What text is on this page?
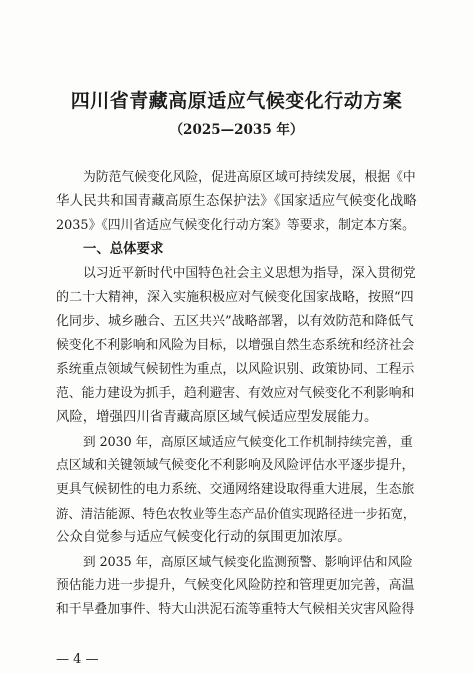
四川省青藏高原适应气候变化行动方案
（2025—2035 年）
为防范气候变化风险，促进高原区域可持续发展，根据《中
华人民共和国青藏高原生态保护法》《国家适应气候变化战略
2035》《四川省适应气候变化行动方案》等要求，制定本方案。
一、总体要求
以习近平新时代中国特色社会主义思想为指导，深入贯彻党
的二十大精神，深入实施积极应对气候变化国家战略，按照“四
化同步、城乡融合、五区共兴”战略部署，以有效防范和降低气
候变化不利影响和风险为目标，以增强自然生态系统和经济社会
系统重点领域气候韧性为重点，以风险识别、政策协同、工程示
范、能力建设为抓手，趋利避害、有效应对气候变化不利影响和
风险，增强四川省青藏高原区域气候适应型发展能力。
到 2030 年，高原区域适应气候变化工作机制持续完善，重
点区域和关键领域气候变化不利影响及风险评估水平逐步提升，
更具气候韧性的电力系统、交通网络建设取得重大进展，生态旅
游、清洁能源、特色农牧业等生态产品价值实现路径进一步拓宽，
公众自觉参与适应气候变化行动的氛围更加浓厚。
到 2035 年，高原区域气候变化监测预警、影响评估和风险
预估能力进一步提升，气候变化风险防控和管理更加完善，高温
和干旱叠加事件、特大山洪泥石流等重特大气候相关灾害风险得
— 4 —
